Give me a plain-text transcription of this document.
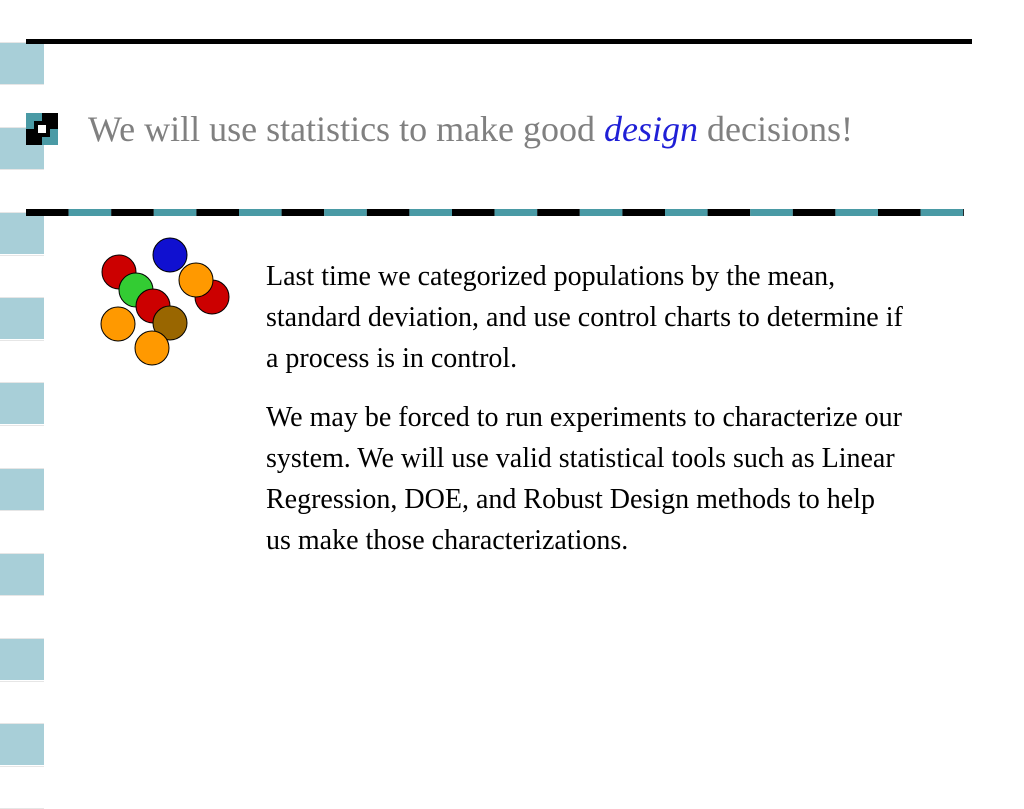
We will use statistics to make good design decisions!

Last time we categorized populations by the mean, standard deviation, and use control charts to determine if a process is in control.

We may be forced to run experiments to characterize our system. We will use valid statistical tools such as Linear Regression, DOE, and Robust Design methods to help us make those characterizations.
